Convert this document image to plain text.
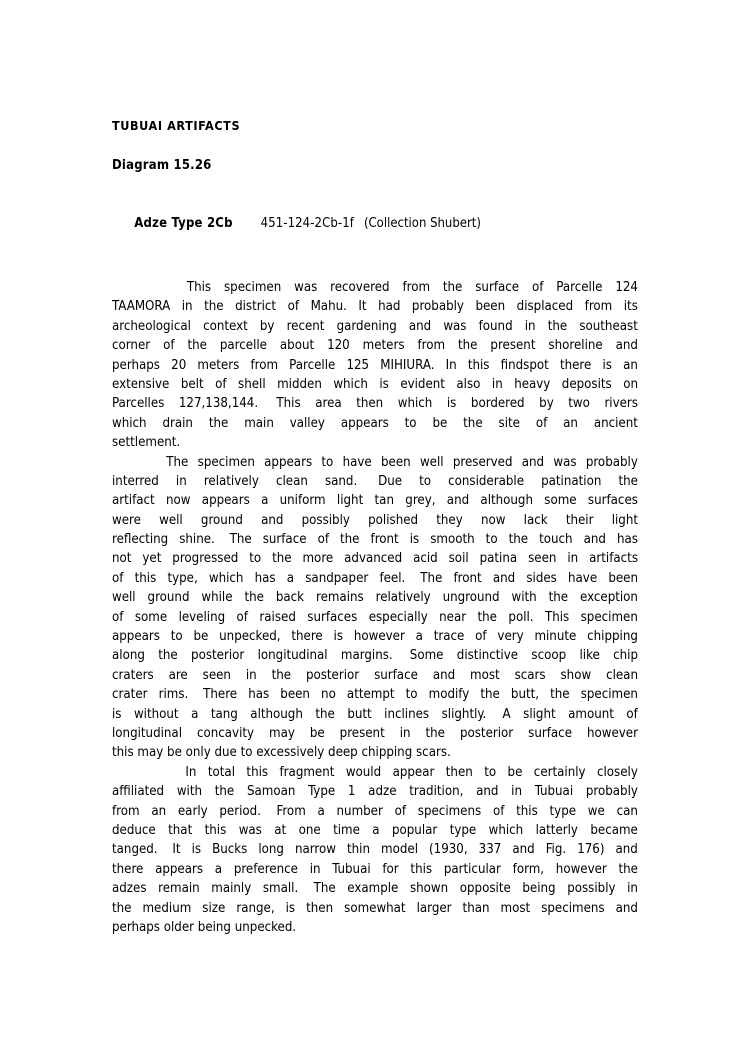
TUBUAI ARTIFACTS
Diagram 15.26

Adze Type 2Cb 451-124-2Cb-1f (Collection Shubert)

This specimen was recovered from the surface of Parcelle 124
TAAMORA in the district of Mahu. It had probably been displaced from its
archeological context by recent gardening and was found in the southeast
corner of the parcelle about 120 meters from the present shoreline and
perhaps 20 meters from Parcelle 125 MIHIURA. In this findspot there is an
extensive belt of shell midden which is evident also in heavy deposits on
Parcelles 127,138,144. This area then which is bordered by two rivers
which drain the main valley appears to be the site of an ancient
settlement.
The specimen appears to have been well preserved and was probably
interred in relatively clean sand. Due to considerable patination the
artifact now appears a uniform light tan grey, and although some surfaces
were well ground and possibly polished they now lack their light
reflecting shine. The surface of the front is smooth to the touch and has
not yet progressed to the more advanced acid soil patina seen in artifacts
of this type, which has a sandpaper feel. The front and sides have been
well ground while the back remains relatively unground with the exception
of some leveling of raised surfaces especially near the poll. This specimen
appears to be unpecked, there is however a trace of very minute chipping
along the posterior longitudinal margins. Some distinctive scoop like chip
craters are seen in the posterior surface and most scars show clean
crater rims. There has been no attempt to modify the butt, the specimen
is without a tang although the butt inclines slightly. A slight amount of
longitudinal concavity may be present in the posterior surface however
this may be only due to excessively deep chipping scars.
In total this fragment would appear then to be certainly closely
affiliated with the Samoan Type 1 adze tradition, and in Tubuai probably
from an early period. From a number of specimens of this type we can
deduce that this was at one time a popular type which latterly became
tanged. It is Bucks long narrow thin model (1930, 337 and Fig. 176) and
there appears a preference in Tubuai for this particular form, however the
adzes remain mainly small. The example shown opposite being possibly in
the medium size range, is then somewhat larger than most specimens and
perhaps older being unpecked.
